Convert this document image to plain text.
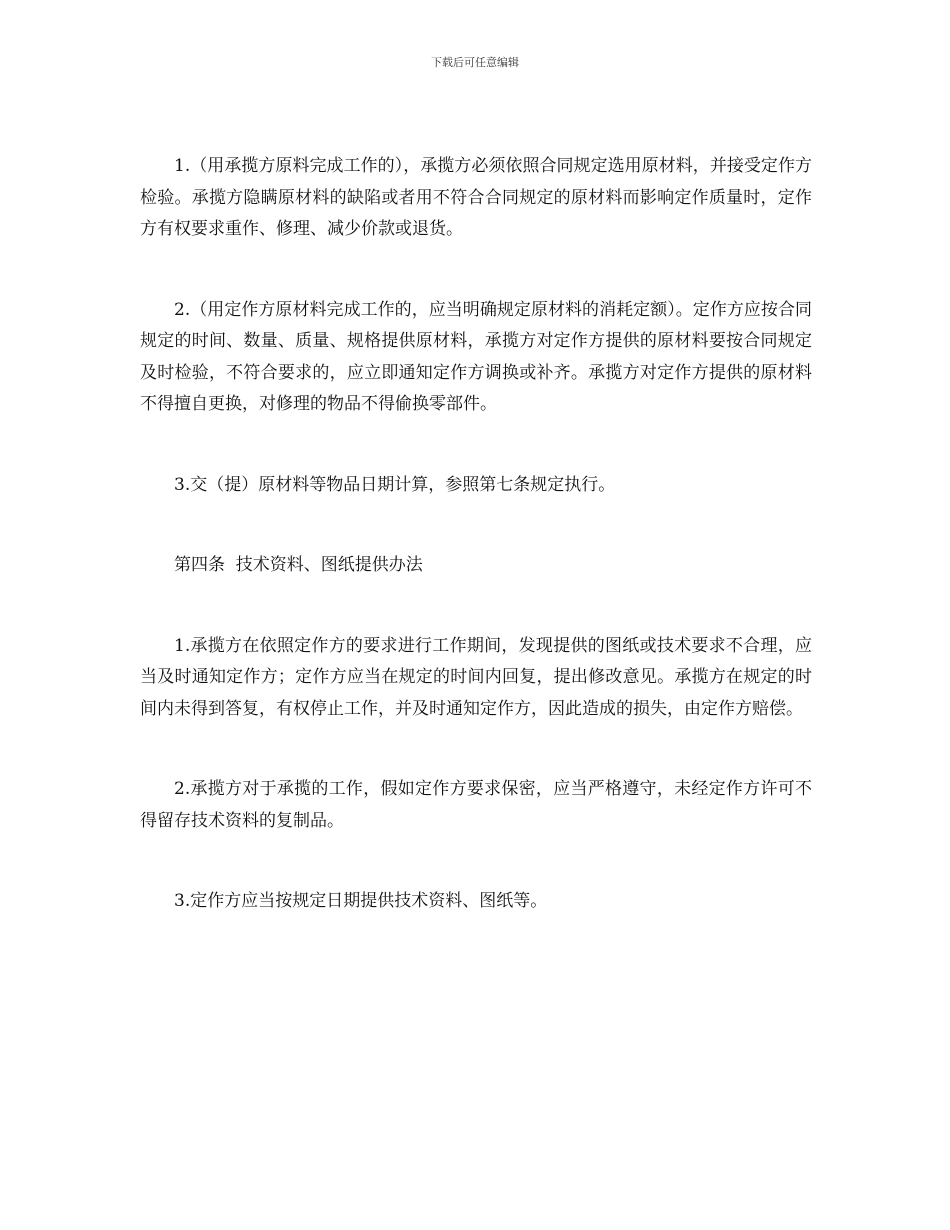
下载后可任意编辑

1.（用承揽方原料完成工作的），承揽方必须依照合同规定选用原材料，并接受定作方检验。承揽方隐瞒原材料的缺陷或者用不符合合同规定的原材料而影响定作质量时，定作方有权要求重作、修理、减少价款或退货。

2.（用定作方原材料完成工作的，应当明确规定原材料的消耗定额）。定作方应按合同规定的时间、数量、质量、规格提供原材料，承揽方对定作方提供的原材料要按合同规定及时检验，不符合要求的，应立即通知定作方调换或补齐。承揽方对定作方提供的原材料不得擅自更换，对修理的物品不得偷换零部件。

3.交（提）原材料等物品日期计算，参照第七条规定执行。

第四条  技术资料、图纸提供办法

1.承揽方在依照定作方的要求进行工作期间，发现提供的图纸或技术要求不合理，应当及时通知定作方；定作方应当在规定的时间内回复，提出修改意见。承揽方在规定的时间内未得到答复，有权停止工作，并及时通知定作方，因此造成的损失，由定作方赔偿。

2.承揽方对于承揽的工作，假如定作方要求保密，应当严格遵守，未经定作方许可不得留存技术资料的复制品。

3.定作方应当按规定日期提供技术资料、图纸等。
